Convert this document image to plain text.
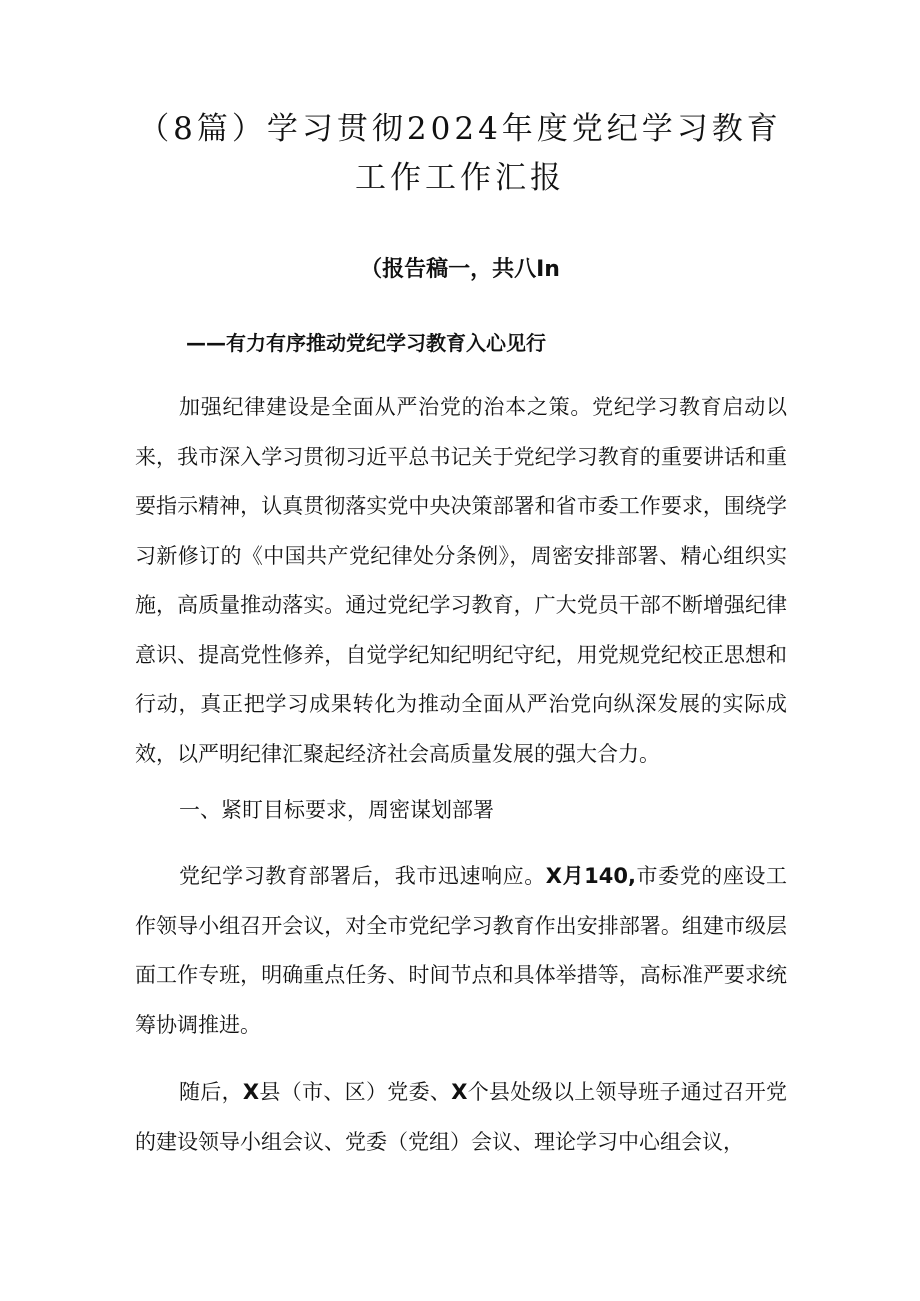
（8篇）学习贯彻2024年度党纪学习教育
工作工作汇报

（报告稿一，共八In

——有力有序推动党纪学习教育入心见行

加强纪律建设是全面从严治党的治本之策。党纪学习教育启动以来，我市深入学习贯彻习近平总书记关于党纪学习教育的重要讲话和重要指示精神，认真贯彻落实党中央决策部署和省市委工作要求，围绕学习新修订的《中国共产党纪律处分条例》，周密安排部署、精心组织实施，高质量推动落实。通过党纪学习教育，广大党员干部不断增强纪律意识、提高党性修养，自觉学纪知纪明纪守纪，用党规党纪校正思想和行动，真正把学习成果转化为推动全面从严治党向纵深发展的实际成效，以严明纪律汇聚起经济社会高质量发展的强大合力。

一、紧盯目标要求，周密谋划部署

党纪学习教育部署后，我市迅速响应。X月140,市委党的座设工作领导小组召开会议，对全市党纪学习教育作出安排部署。组建市级层面工作专班，明确重点任务、时间节点和具体举措等，高标准严要求统筹协调推进。

随后，X县（市、区）党委、X个县处级以上领导班子通过召开党的建设领导小组会议、党委（党组）会议、理论学习中心组会议，
